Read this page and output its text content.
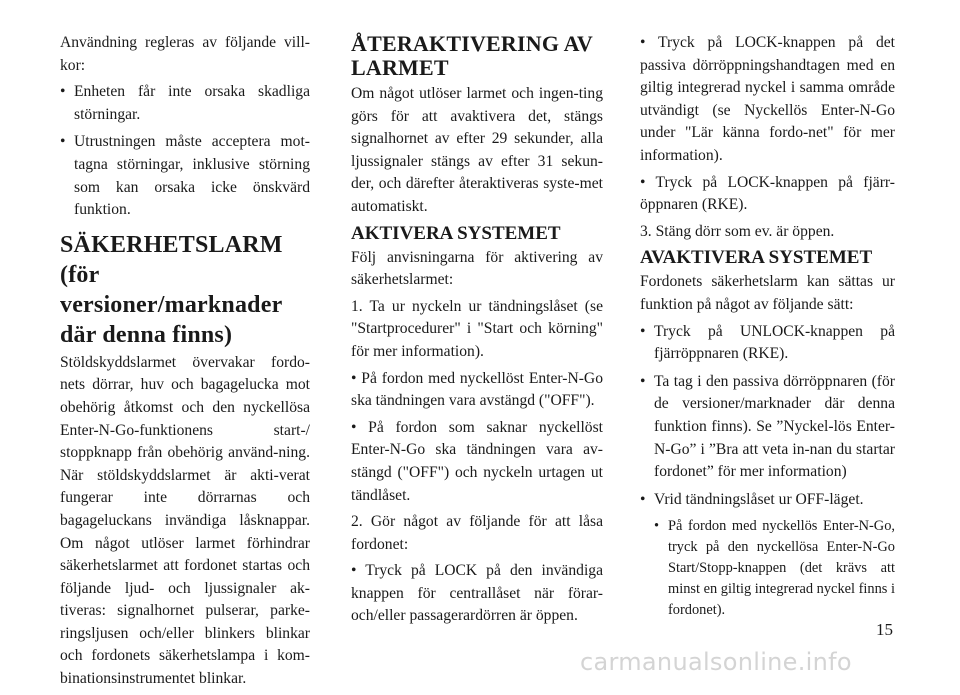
Användning regleras av följande vill-kor:

• Enheten får inte orsaka skadliga störningar.
• Utrustningen måste acceptera mot-tagna störningar, inklusive störning som kan orsaka icke önskvärd funktion.
SÄKERHETSLARM (för versioner/marknader där denna finns)

Stöldskyddslarmet övervakar fordo-nets dörrar, huv och bagagelucka mot obehörig åtkomst och den nyckellösa Enter-N-Go-funktionens start-/ stoppknapp från obehörig använd-ning. När stöldskyddslarmet är akti-verat fungerar inte dörrarnas och bagageluckans invändiga låsknappar. Om något utlöser larmet förhindrar säkerhetslarmet att fordonet startas och följande ljud- och ljussignaler ak-tiveras: signalhornet pulserar, parke-ringsljusen och/eller blinkers blinkar och fordonets säkerhetslampa i kom-binationsinstrumentet blinkar.

ÅTERAKTIVERING AV LARMET

Om något utlöser larmet och ingen-ting görs för att avaktivera det, stängs signalhornet av efter 29 sekunder, alla ljussignaler stängs av efter 31 sekun-der, och därefter återaktiveras syste-met automatiskt.

AKTIVERA SYSTEMET

Följ anvisningarna för aktivering av säkerhetslarmet:

1. Ta ur nyckeln ur tändningslåset (se "Startprocedurer" i "Start och körning" för mer information).

• På fordon med nyckellöst Enter-N-Go ska tändningen vara avstängd ("OFF").

• På fordon som saknar nyckellöst Enter-N-Go ska tändningen vara av-stängd ("OFF") och nyckeln urtagen ut tändlåset.

2. Gör något av följande för att låsa fordonet:

• Tryck på LOCK på den invändiga knappen för centrallåset när förar-och/eller passagerardörren är öppen.

• Tryck på LOCK-knappen på det passiva dörröppningshandtagen med en giltig integrerad nyckel i samma område utvändigt (se Nyckellös Enter-N-Go under "Lär känna fordo-net" för mer information).

• Tryck på LOCK-knappen på fjärr-öppnaren (RKE).

3. Stäng dörr som ev. är öppen.

AVAKTIVERA SYSTEMET

Fordonets säkerhetslarm kan sättas ur funktion på något av följande sätt:

• Tryck på UNLOCK-knappen på fjärröppnaren (RKE).
• Ta tag i den passiva dörröppnaren (för de versioner/marknader där denna funktion finns). Se ”Nyckel-lös Enter-N-Go” i ”Bra att veta in-nan du startar fordonet” för mer information)
• Vrid tändningslåset ur OFF-läget.
• På fordon med nyckellös Enter-N-Go, tryck på den nyckellösa Enter-N-Go Start/Stopp-knappen (det krävs att minst en giltig integrerad nyckel finns i fordonet).
15
carmanualsonline.info
